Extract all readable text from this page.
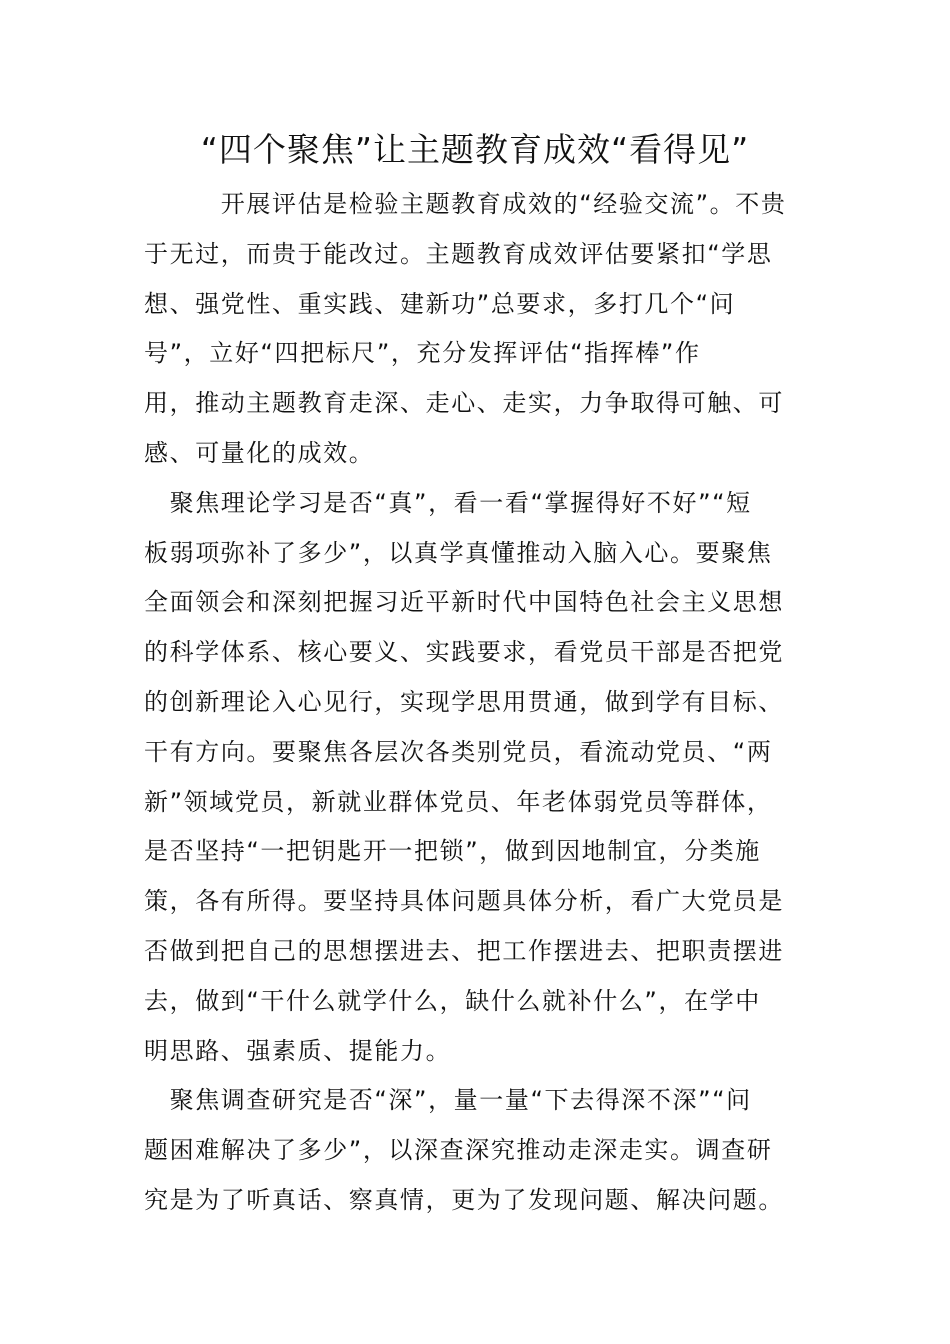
“四个聚焦”让主题教育成效“看得见”
　　　开展评估是检验主题教育成效的“经验交流”。不贵
于无过，而贵于能改过。主题教育成效评估要紧扣“学思
想、强党性、重实践、建新功”总要求，多打几个“问
号”，立好“四把标尺”，充分发挥评估“指挥棒”作
用，推动主题教育走深、走心、走实，力争取得可触、可
感、可量化的成效。
　聚焦理论学习是否“真”，看一看“掌握得好不好”“短
板弱项弥补了多少”，以真学真懂推动入脑入心。要聚焦
全面领会和深刻把握习近平新时代中国特色社会主义思想
的科学体系、核心要义、实践要求，看党员干部是否把党
的创新理论入心见行，实现学思用贯通，做到学有目标、
干有方向。要聚焦各层次各类别党员，看流动党员、“两
新”领域党员，新就业群体党员、年老体弱党员等群体，
是否坚持“一把钥匙开一把锁”，做到因地制宜，分类施
策，各有所得。要坚持具体问题具体分析，看广大党员是
否做到把自己的思想摆进去、把工作摆进去、把职责摆进
去，做到“干什么就学什么，缺什么就补什么”，在学中
明思路、强素质、提能力。
　聚焦调查研究是否“深”，量一量“下去得深不深”“问
题困难解决了多少”，以深查深究推动走深走实。调查研
究是为了听真话、察真情，更为了发现问题、解决问题。
